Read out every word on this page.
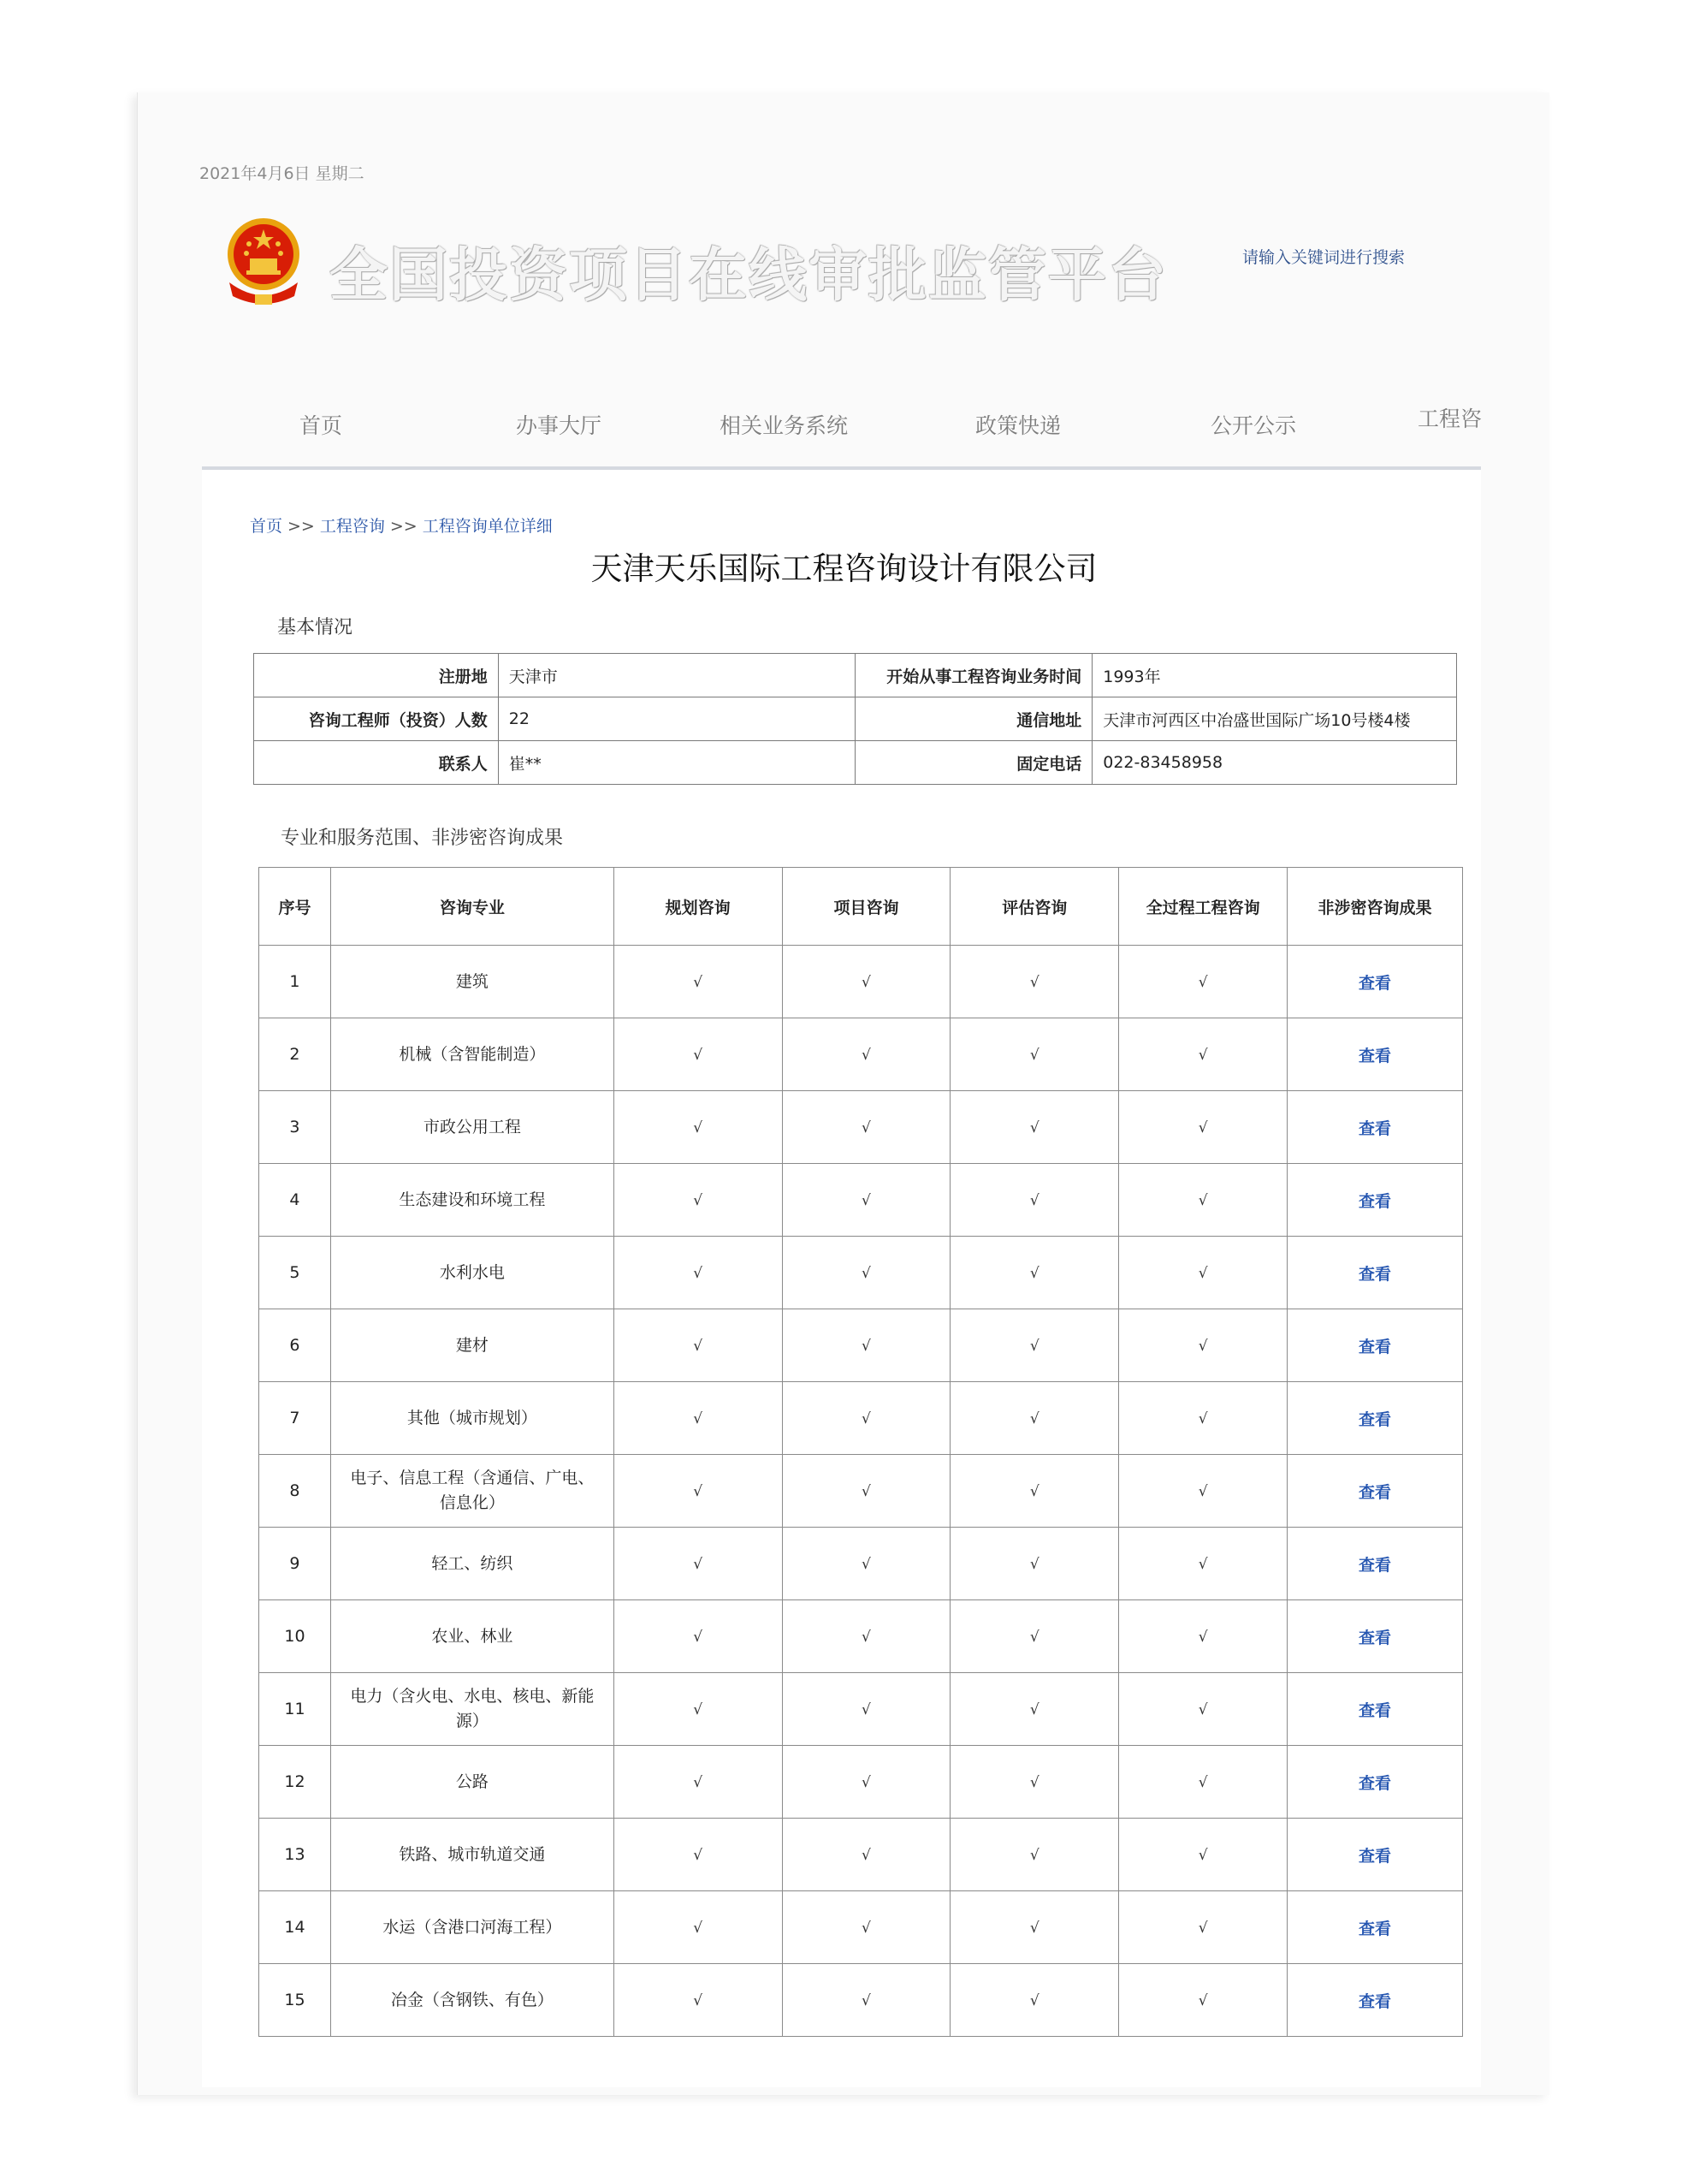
2021年4月6日 星期二
全国投资项目在线审批监管平台	请输入关键词进行搜索
首页	办事大厅	相关业务系统	政策快递	公开公示	工程咨
首页 >> 工程咨询 >> 工程咨询单位详细
天津天乐国际工程咨询设计有限公司
基本情况
注册地	天津市	开始从事工程咨询业务时间	1993年
咨询工程师（投资）人数	22	通信地址	天津市河西区中冶盛世国际广场10号楼4楼
联系人	崔**	固定电话	022-83458958
专业和服务范围、非涉密咨询成果
序号	咨询专业	规划咨询	项目咨询	评估咨询	全过程工程咨询	非涉密咨询成果
1	建筑	√	√	√	√	查看
2	机械（含智能制造）	√	√	√	√	查看
3	市政公用工程	√	√	√	√	查看
4	生态建设和环境工程	√	√	√	√	查看
5	水利水电	√	√	√	√	查看
6	建材	√	√	√	√	查看
7	其他（城市规划）	√	√	√	√	查看
8	电子、信息工程（含通信、广电、信息化）	√	√	√	√	查看
9	轻工、纺织	√	√	√	√	查看
10	农业、林业	√	√	√	√	查看
11	电力（含火电、水电、核电、新能源）	√	√	√	√	查看
12	公路	√	√	√	√	查看
13	铁路、城市轨道交通	√	√	√	√	查看
14	水运（含港口河海工程）	√	√	√	√	查看
15	冶金（含钢铁、有色）	√	√	√	√	查看
